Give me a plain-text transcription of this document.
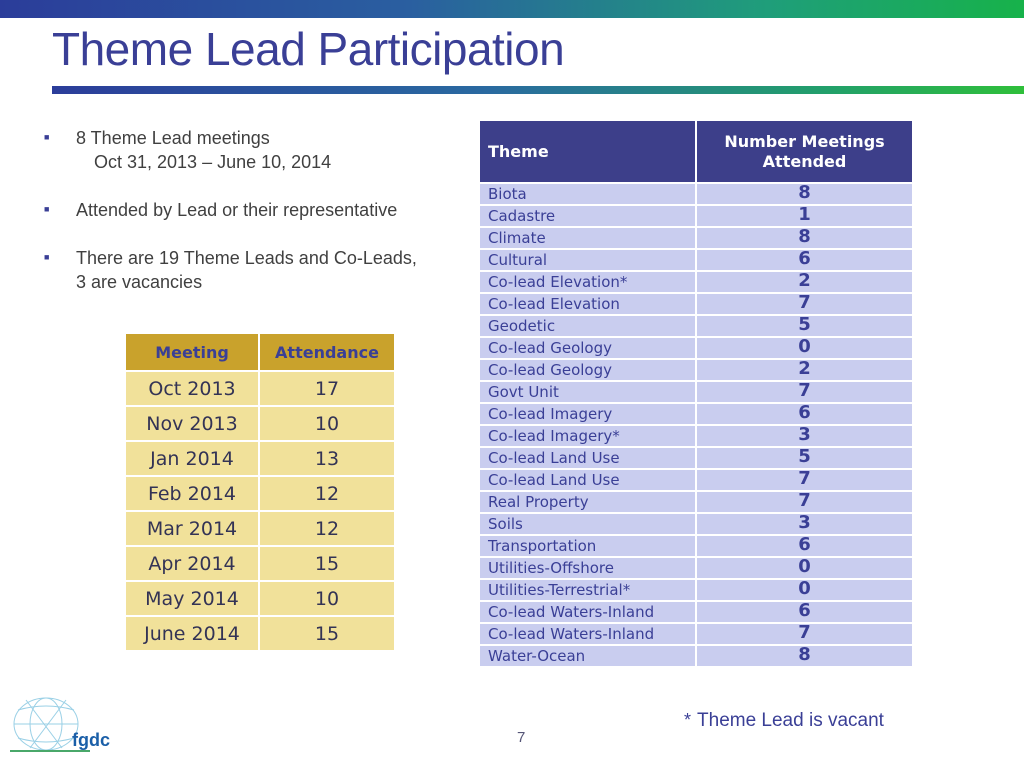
Theme Lead Participation
■	8 Theme Lead meetings
Oct 31, 2013 – June 10, 2014
■	Attended by Lead or their representative
■	There are 19 Theme Leads and Co-Leads,
3 are vacancies
Meeting	Attendance
Oct 2013	17
Nov 2013	10
Jan 2014	13
Feb 2014	12
Mar 2014	12
Apr 2014	15
May 2014	10
June 2014	15
Theme	Number Meetings
Attended

Biota	8
Cadastre	1
Climate	8
Cultural	6
Co-lead Elevation*	2
Co-lead Elevation	7
Geodetic	5
Co-lead Geology	0
Co-lead Geology	2
Govt Unit	7
Co-lead Imagery	6
Co-lead Imagery*	3
Co-lead Land Use	5
Co-lead Land Use	7
Real Property	7
Soils	3
Transportation	6
Utilities-Offshore	0
Utilities-Terrestrial*	0
Co-lead Waters-Inland	6
Co-lead Waters-Inland	7
Water-Ocean	8
* Theme Lead is vacant
7
fgdc
